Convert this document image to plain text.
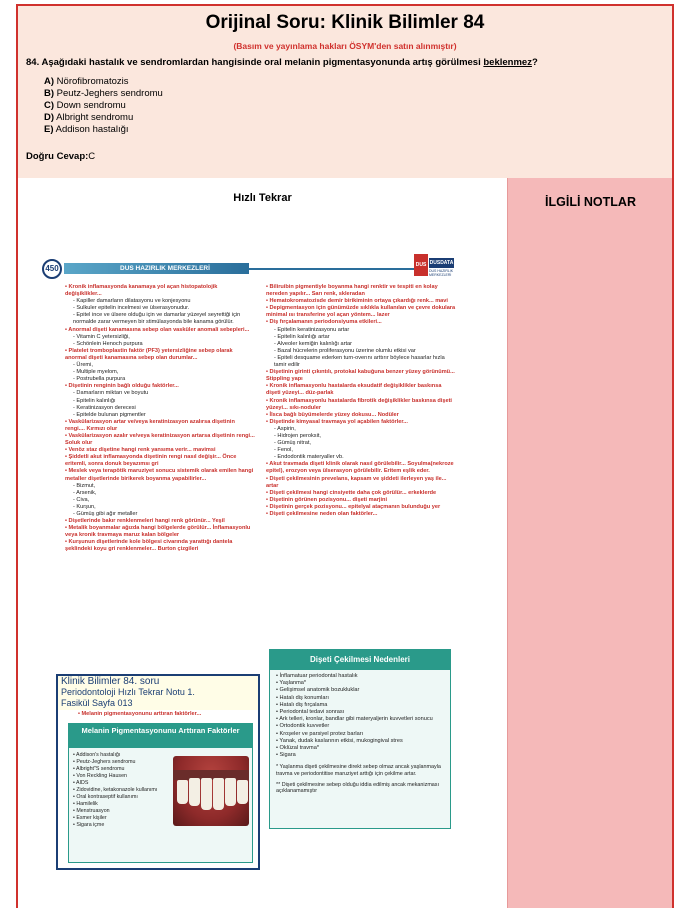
Orijinal Soru: Klinik Bilimler 84
(Basım ve yayınlama hakları ÖSYM'den satın alınmıştır)
84. Aşağıdaki hastalık ve sendromlardan hangisinde oral melanin pigmentasyonunda artış görülmesi beklenmez?
A) Nörofibromatozis
B) Peutz-Jeghers sendromu
C) Down sendromu
D) Albright sendromu
E) Addison hastalığı
Doğru Cevap:C
Hızlı Tekrar	İLGİLİ NOTLAR
450	DUS HAZIRLIK MERKEZLERİ	DUS DUSDATA
DUS HAZIRLIK MERKEZLERİ

• Kronik inflamasyonda kanamaya yol açan histopatolojik değişiklikler...

- Kapiller damarların dilatasyonu ve konjesyonu

- Sulkuler epitelin incelmesi ve ülserasyonudur.

- Epitel ince ve ülsere olduğu için ve damarlar yüzeyel seyrettiği için normalde zarar vermeyen bir stimülasyonda bile kanama görülür.

• Anormal dişeti kanamasına sebep olan vasküler anomali sebepleri...

- Vitamin C yetersizliği,

- Schönlein Henoch purpura

• Platelet tromboplastin faktör (PF3) yetersizliğine sebep olarak anormal dişeti kanamasına sebep olan durumlar...

- Üremi,

- Multiple myelom,

- Postrubella purpura

• Dişetinin renginin bağlı olduğu faktörler...

- Damarların miktarı ve boyutu

- Epitelin kalınlığı

- Keratinizasyon derecesi

- Epitelde bulunan pigmentler

• Vaskülarizasyon artar ve/veya keratinizasyon azalırsa dişetinin rengi.... Kırmızı olur

• Vaskülarizasyon azalır ve/veya keratinizasyon artarsa dişetinin rengi... Soluk olur

• Venöz staz dişetine hangi renk yansıma verir... mavimsi

• Şiddetli akut inflamasyonda dişetinin rengi nasıl değişir... Önce eritemli, sonra donuk beyazımsı gri

• Meslek veya terapötik maruziyet sonucu sistemik olarak emilen hangi metaller dişetlerinde birikerek boyanma yapabilirler...

- Bizmut,

- Arsenik,

- Civa,

- Kurşun,

- Gümüş gibi ağır metaller

• Dişetlerinde bakır renklenmeleri hangi renk görünür... Yeşil

• Metalik boyanmalar ağızda hangi bölgelerde görülür... İnflamasyonlu veya kronik travmaya maruz kalan bölgeler

• Kurşunun dişetlerinde kole bölgesi civarında yarattığı dantela şeklindeki koyu gri renklenmeler... Burton çizgileri

• Biliruibin pigmentiyle boyanma hangi renktir ve tespiti en kolay nereden yapılır... Sarı renk, skleradan

• Hematokromatozisde demir birikiminin ortaya çıkardığı renk... mavi

• Depigmentasyon için günümüzde sıklıkla kullanılan ve çevre dokulara minimal ısı transferine yol açan yöntem... lazer

• Diş fırçalamanın periodonsiyuma etkileri...

- Epitelin keratinizasyonu artar

- Epitelin kalınlığı artar

- Alveoler kemiğin kalınlığı artar

- Bazal hücrelerin proliferasyonu üzerine olumlu etkisi var

- Epiteli desquame ederken turn-overını arttırır böylece hasarlar hızla tamir edilir

• Dişetinin girinti çıkıntılı, protokal kabuğuna benzer yüzey görünümü... Stippling yapı

• Kronik inflamasyonlu hastalarda eksudatif değişiklikler baskınsa dişeti yüzeyi... düz-parlak

• Kronik inflamasyonlu hastalarda fibrotik değişiklikler baskınsa dişeti yüzeyi... sıkı-noduler

• İlsca bağlı büyümelerde yüzey dokusu... Nodüler

• Dişetinde kimyasal travmaya yol açabilen faktörler...

- Aspirin,

- Hidrojen peroksit,

- Gümüş nitrat,

- Fenol,

- Endodontik materyaller vb.

• Akut travmada dişeti klinik olarak nasıl görülebilir... Soyulma(nekroze epitel), erozyon veya ülserasyon görülebilir. Eritem eşlik eder.

• Dişeti çekilmesinin prevelans, kapsam ve şiddeti ilerleyen yaş ile... artar

• Dişeti çekilmesi hangi cinsiyette daha çok görülür... erkeklerde

• Dişetinin görünen pozisyonu... dişeti marjini

• Dişetinin gerçek pozisyonu... epitelyal ataçmanın bulunduğu yer

• Dişeti çekilmesine neden olan faktörler...

Dişeti Çekilmesi Nedenleri
• İnflamatuar periodontal hastalık
• Yaşlanma*
• Gelişimsel anatomik bozukluklar
• Hatalı diş konumları
• Hatalı diş fırçalama
• Periodontal tedavi sonrası
• Ark telleri, kronlar, bandlar gibi materyaljerin kuvvetleri sonucu
• Ortodontik kuvvetler
• Kroşeler ve parsiyel protez barları
• Yanak, dudak kaslarının etkisi, mukogingival stres
• Oklüzal travma*
• Sigara
* Yaşlanma dişeti çekilmesine direkt sebep olmaz ancak yaşlanmayla travma ve periodontitise maruziyet arttığı için çekilme artar.
** Dişeti çekilmesine sebep olduğu iddia edilmiş ancak mekanizması açıklanamamıştır
Klinik Bilimler 84. soru
Periodontoloji Hızlı Tekrar Notu 1.
Fasikül Sayfa 013
• Melanin pigmentasyonunu arttıran faktörler...
Melanin Pigmentasyonunu Arttıran Faktörler
• Addison's hastalığı
• Peutz-Jeghers sendromu
• Albright"S sendromu
• Von Reckling Hausen
• AIDS
• Zidovidine, ketakonazole kullanımı
• Oral kontraseptif kullanımı
• Hamilelik
• Menstruasyon
• Esmer kişiler
• Sigara içme
